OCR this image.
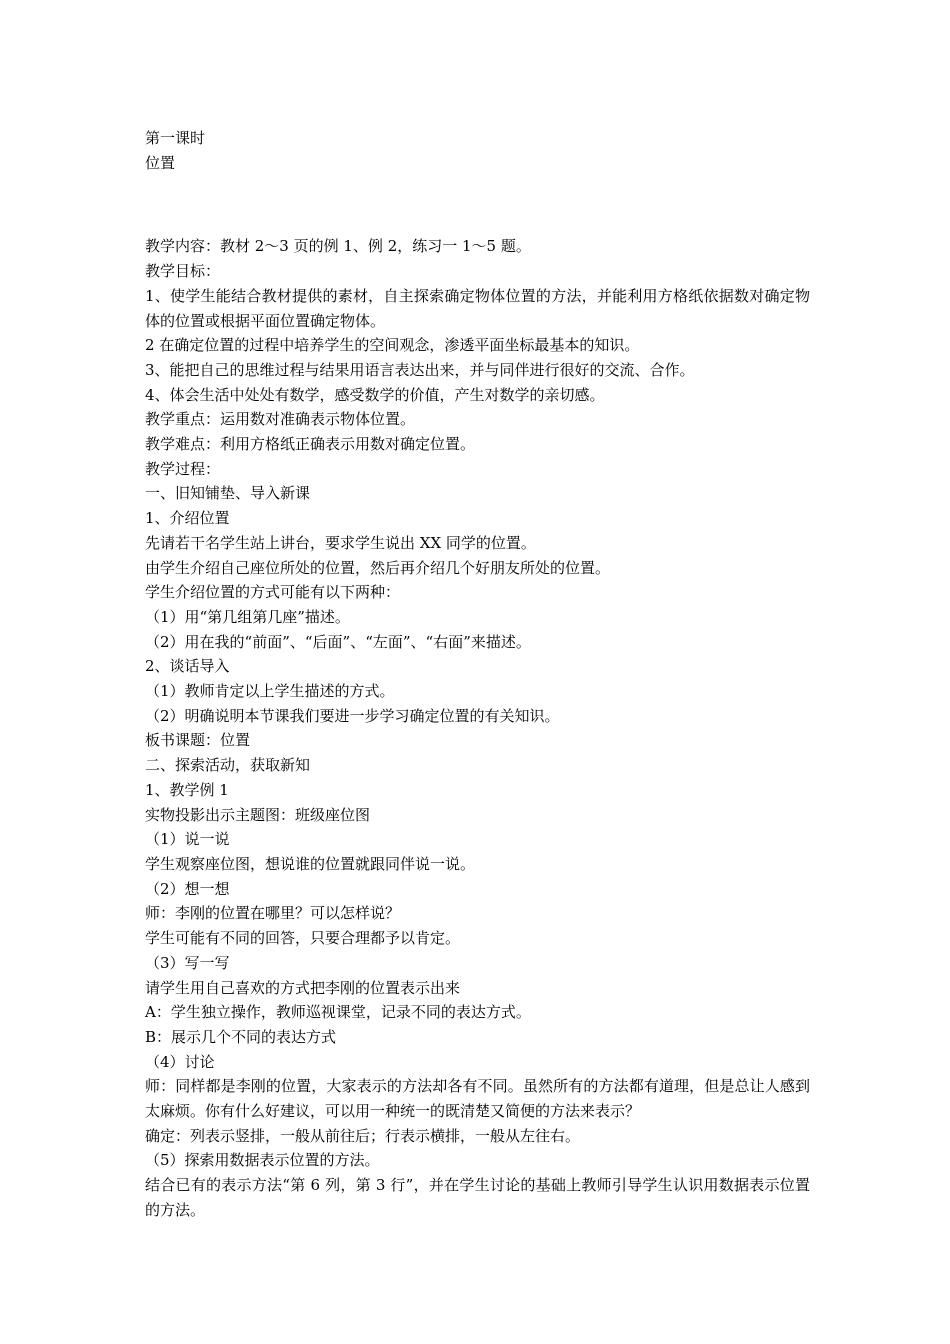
第一课时

位置

教学内容：教材 2～3 页的例 1、例 2，练习一 1～5 题。

教学目标：

1、使学生能结合教材提供的素材，自主探索确定物体位置的方法，并能利用方格纸依据数对确定物体的位置或根据平面位置确定物体。

2 在确定位置的过程中培养学生的空间观念，渗透平面坐标最基本的知识。

3、能把自己的思维过程与结果用语言表达出来，并与同伴进行很好的交流、合作。

4、体会生活中处处有数学，感受数学的价值，产生对数学的亲切感。

教学重点：运用数对准确表示物体位置。

教学难点：利用方格纸正确表示用数对确定位置。

教学过程：

一、旧知铺垫、导入新课

1、介绍位置

先请若干名学生站上讲台，要求学生说出 XX 同学的位置。

由学生介绍自己座位所处的位置，然后再介绍几个好朋友所处的位置。

学生介绍位置的方式可能有以下两种：

（1）用“第几组第几座”描述。

（2）用在我的“前面”、“后面”、“左面”、“右面”来描述。

2、谈话导入

（1）教师肯定以上学生描述的方式。

（2）明确说明本节课我们要进一步学习确定位置的有关知识。

板书课题：位置

二、探索活动，获取新知

1、教学例 1

实物投影出示主题图：班级座位图

（1）说一说

学生观察座位图，想说谁的位置就跟同伴说一说。

（2）想一想

师：李刚的位置在哪里？可以怎样说？

学生可能有不同的回答，只要合理都予以肯定。

（3）写一写

请学生用自己喜欢的方式把李刚的位置表示出来

A：学生独立操作，教师巡视课堂，记录不同的表达方式。

B：展示几个不同的表达方式

（4）讨论

师：同样都是李刚的位置，大家表示的方法却各有不同。虽然所有的方法都有道理，但是总让人感到太麻烦。你有什么好建议，可以用一种统一的既清楚又简便的方法来表示？

确定：列表示竖排，一般从前往后；行表示横排，一般从左往右。

（5）探索用数据表示位置的方法。

结合已有的表示方法“第 6 列，第 3 行”，并在学生讨论的基础上教师引导学生认识用数据表示位置的方法。
